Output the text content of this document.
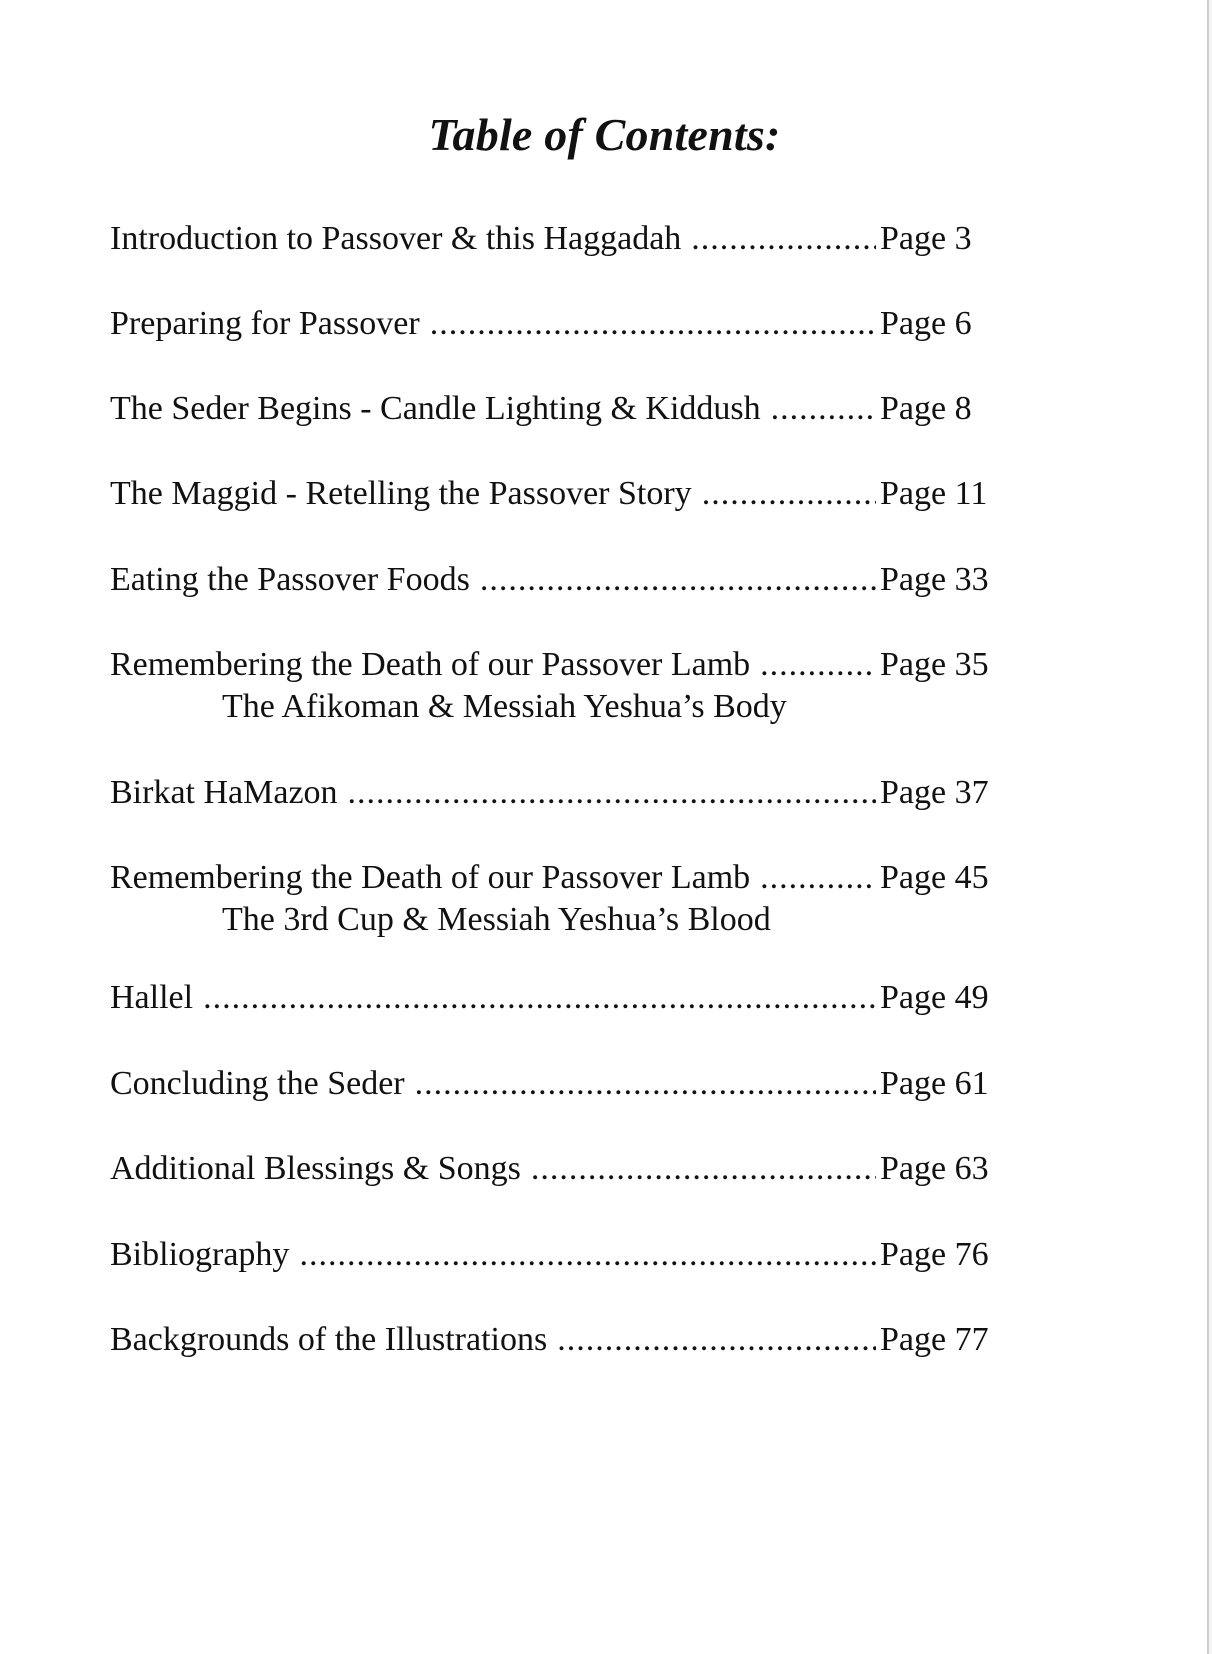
Table of Contents:
Introduction to Passover & this Haggadah .....	Page 3
Preparing for Passover .....	Page 6
The Seder Begins - Candle Lighting & Kiddush .....	Page 8
The Maggid - Retelling the Passover Story .....	Page 11
Eating the Passover Foods .....	Page 33
Remembering the Death of our Passover Lamb .....	Page 35
The Afikoman & Messiah Yeshua’s Body
Birkat HaMazon .....	Page 37
Remembering the Death of our Passover Lamb .....	Page 45
The 3rd Cup & Messiah Yeshua’s Blood
Hallel .....	Page 49
Concluding the Seder .....	Page 61
Additional Blessings & Songs .....	Page 63
Bibliography .....	Page 76
Backgrounds of the Illustrations .....	Page 77
